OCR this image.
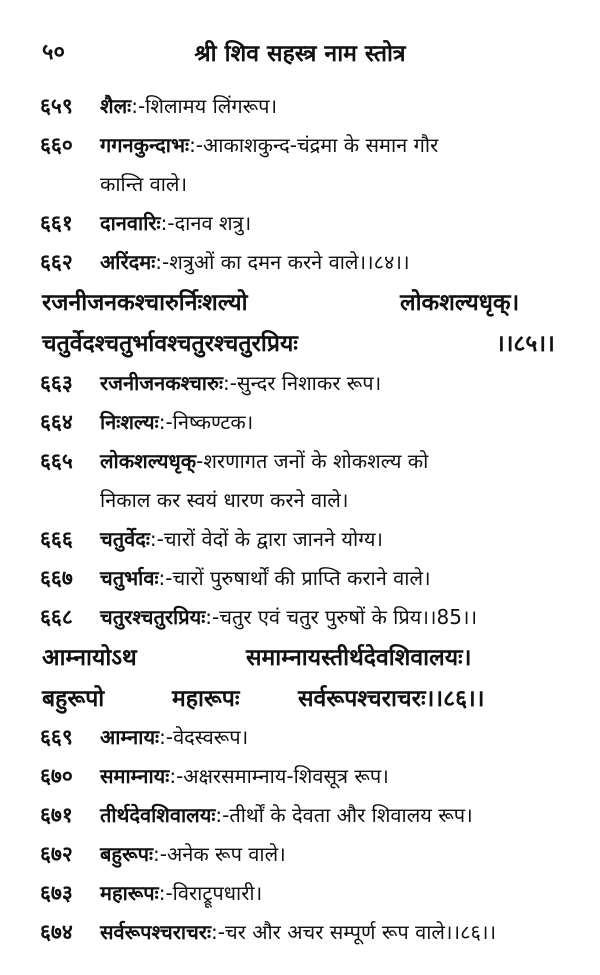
५०	श्री शिव सहस्त्र नाम स्तोत्र
६५९ शैलः:-शिलामय लिंगरूप।
६६० गगनकुन्दाभः:-आकाशकुन्द-चंद्रमा के समान गौर
कान्ति वाले।
६६१ दानवारिः:-दानव शत्रु।
६६२ अरिंदमः:-शत्रुओं का दमन करने वाले।।८४।।
रजनीजनकश्चारुर्निःशल्यो	लोकशल्यधृक्।
चतुर्वेदश्चतुर्भावश्चतुरश्चतुरप्रियः	।।८५।।
६६३ रजनीजनकश्चारुः:-सुन्दर निशाकर रूप।
६६४ निःशल्यः:-निष्कण्टक।
६६५ लोकशल्यधृक्-शरणागत जनों के शोकशल्य को
निकाल कर स्वयं धारण करने वाले।
६६६ चतुर्वेदः:-चारों वेदों के द्वारा जानने योग्य।
६६७ चतुर्भावः:-चारों पुरुषार्थों की प्राप्ति कराने वाले।
६६८ चतुरश्चतुरप्रियः:-चतुर एवं चतुर पुरुषों के प्रिय।।85।।
आम्नायोऽथ	समाम्नायस्तीर्थदेवशिवालयः।
बहुरूपो	महारूपः	सर्वरूपश्चराचरः।।८६।।
६६९ आम्नायः:-वेदस्वरूप।
६७० समाम्नायः:-अक्षरसमाम्नाय-शिवसूत्र रूप।
६७१ तीर्थदेवशिवालयः:-तीर्थों के देवता और शिवालय रूप।
६७२ बहुरूपः:-अनेक रूप वाले।
६७३ महारूपः:-विराट्रूपधारी।
६७४ सर्वरूपश्चराचरः:-चर और अचर सम्पूर्ण रूप वाले।।८६।।
